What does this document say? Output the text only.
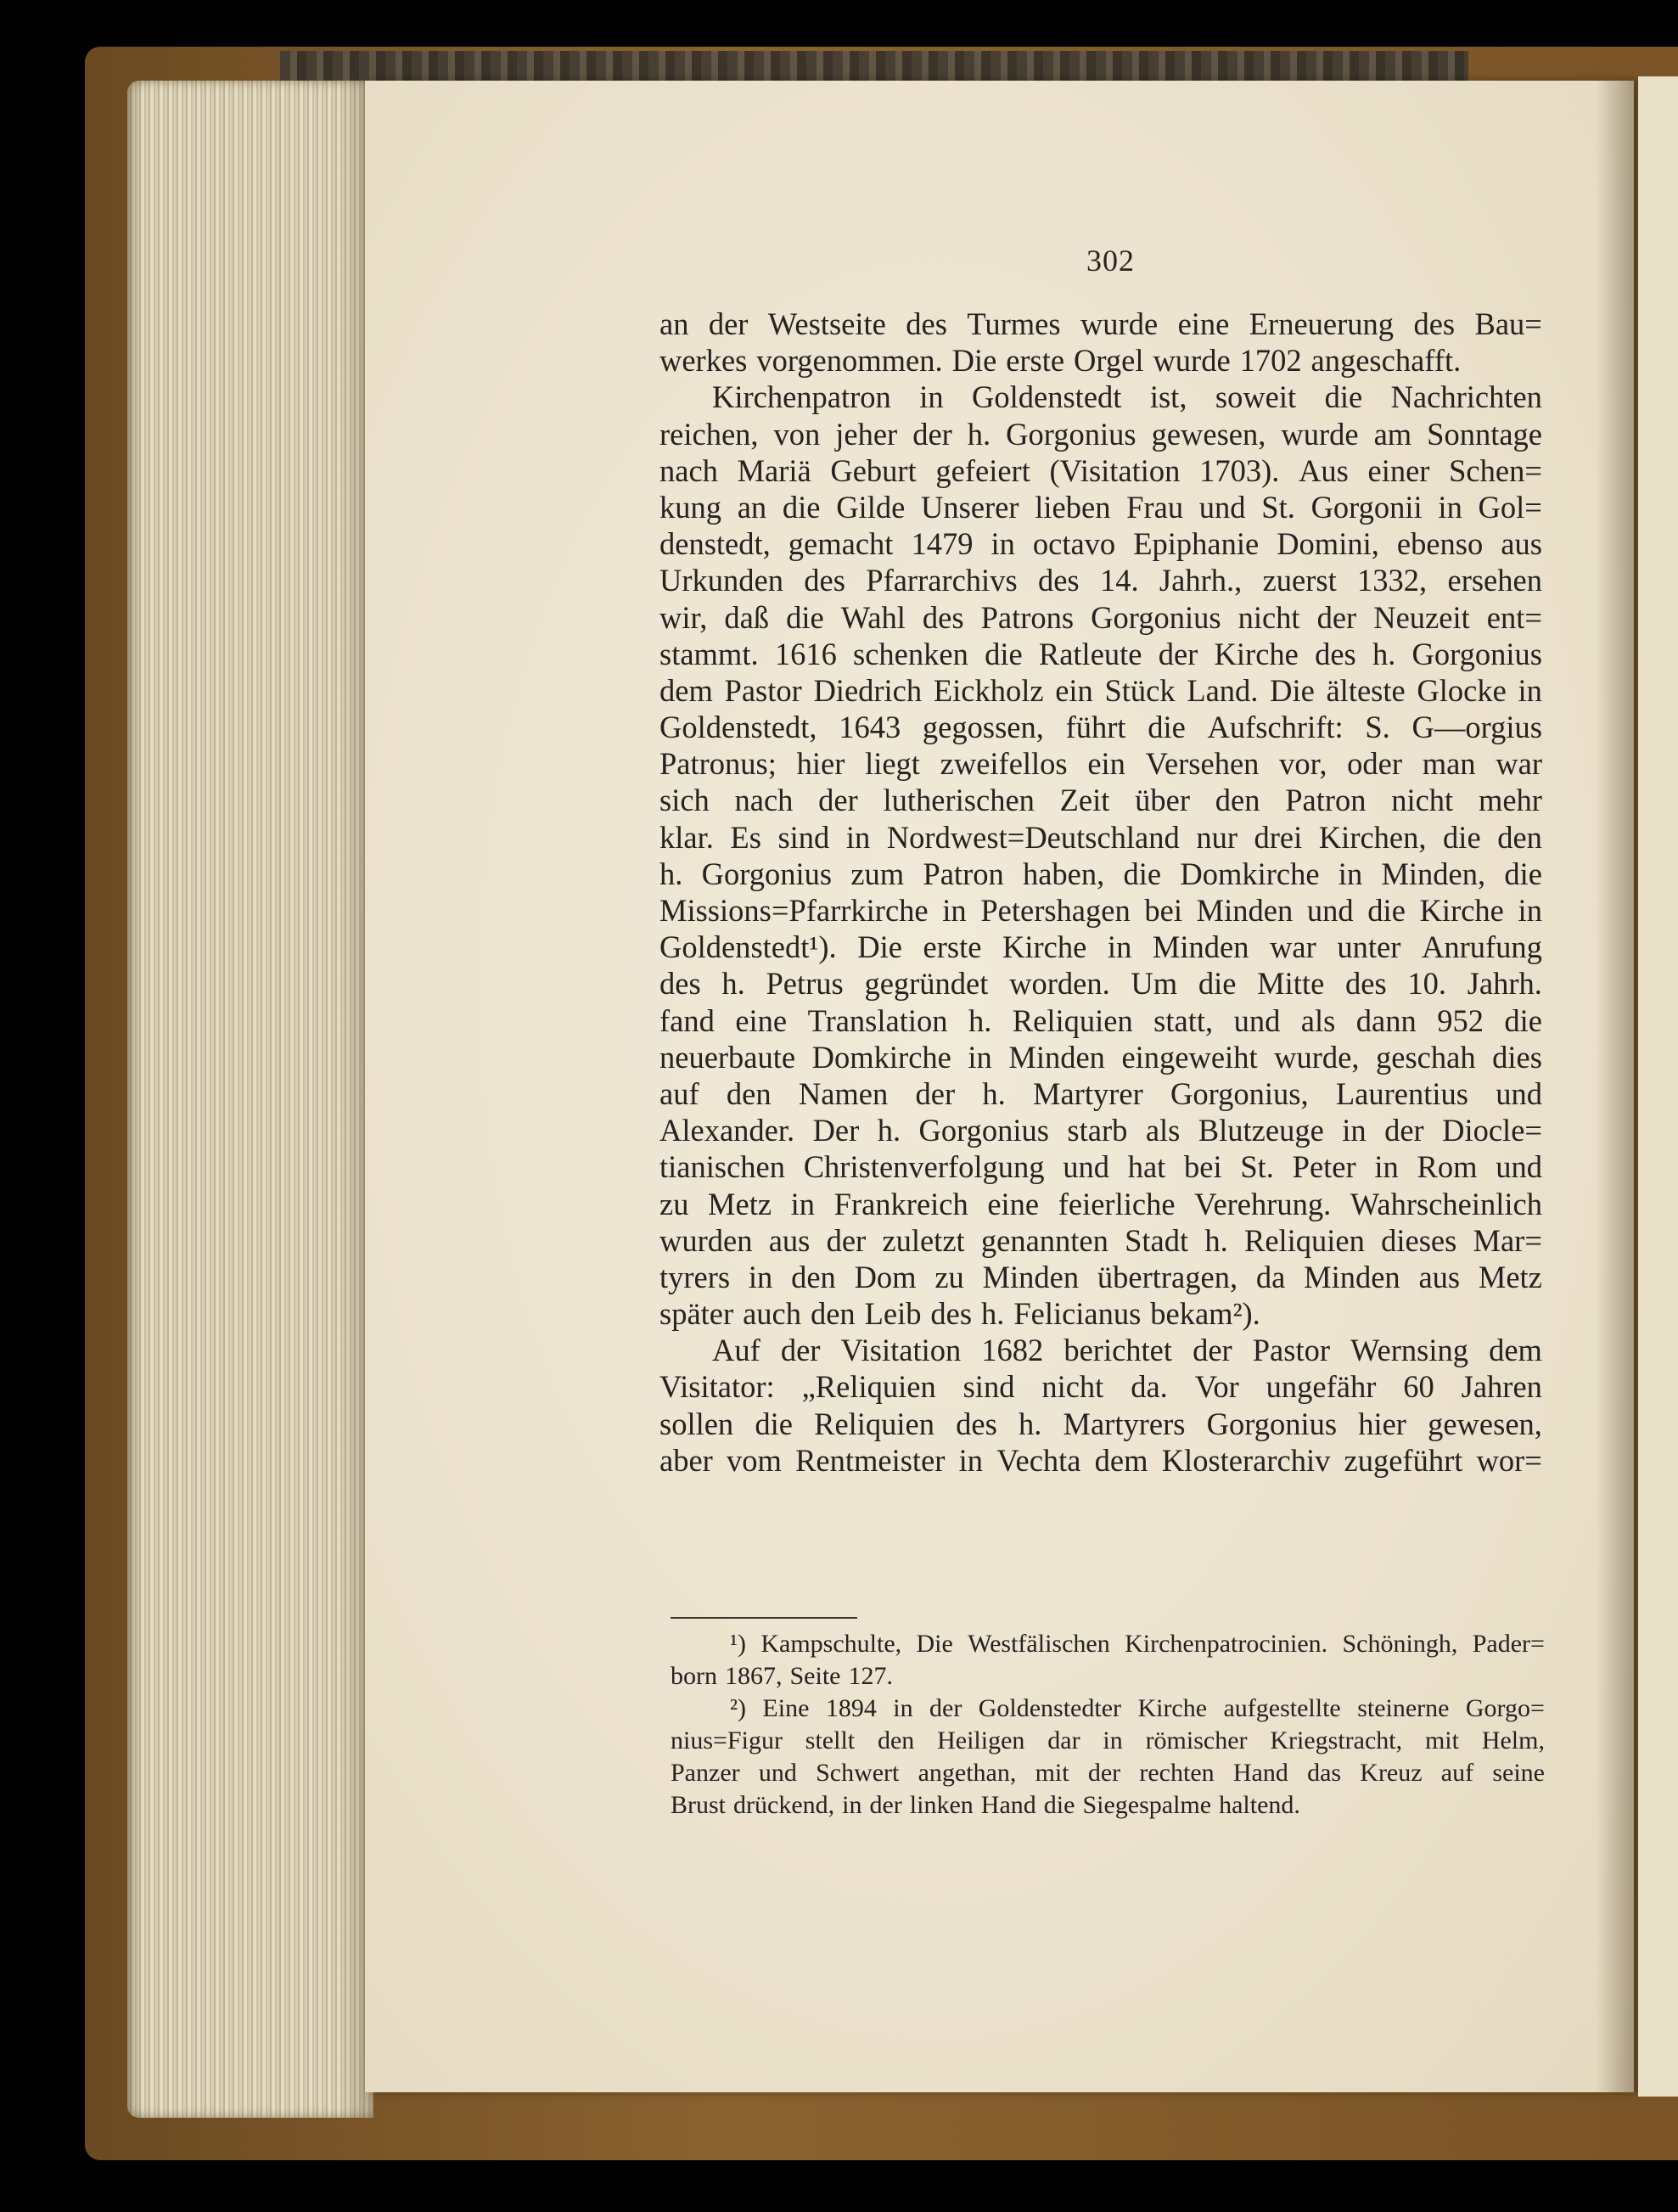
302
an der Westseite des Turmes wurde eine Erneuerung des Bau=
werkes vorgenommen. Die erste Orgel wurde 1702 angeschafft.
Kirchenpatron in Goldenstedt ist, soweit die Nachrichten
reichen, von jeher der h. Gorgonius gewesen, wurde am Sonntage
nach Mariä Geburt gefeiert (Visitation 1703). Aus einer Schen=
kung an die Gilde Unserer lieben Frau und St. Gorgonii in Gol=
denstedt, gemacht 1479 in octavo Epiphanie Domini, ebenso aus
Urkunden des Pfarrarchivs des 14. Jahrh., zuerst 1332, ersehen
wir, daß die Wahl des Patrons Gorgonius nicht der Neuzeit ent=
stammt. 1616 schenken die Ratleute der Kirche des h. Gorgonius
dem Pastor Diedrich Eickholz ein Stück Land. Die älteste Glocke in
Goldenstedt, 1643 gegossen, führt die Aufschrift: S. G—orgius
Patronus; hier liegt zweifellos ein Versehen vor, oder man war
sich nach der lutherischen Zeit über den Patron nicht mehr
klar. Es sind in Nordwest=Deutschland nur drei Kirchen, die den
h. Gorgonius zum Patron haben, die Domkirche in Minden, die
Missions=Pfarrkirche in Petershagen bei Minden und die Kirche in
Goldenstedt¹). Die erste Kirche in Minden war unter Anrufung
des h. Petrus gegründet worden. Um die Mitte des 10. Jahrh.
fand eine Translation h. Reliquien statt, und als dann 952 die
neuerbaute Domkirche in Minden eingeweiht wurde, geschah dies
auf den Namen der h. Martyrer Gorgonius, Laurentius und
Alexander. Der h. Gorgonius starb als Blutzeuge in der Diocle=
tianischen Christenverfolgung und hat bei St. Peter in Rom und
zu Metz in Frankreich eine feierliche Verehrung. Wahrscheinlich
wurden aus der zuletzt genannten Stadt h. Reliquien dieses Mar=
tyrers in den Dom zu Minden übertragen, da Minden aus Metz
später auch den Leib des h. Felicianus bekam²).
Auf der Visitation 1682 berichtet der Pastor Wernsing dem
Visitator: „Reliquien sind nicht da. Vor ungefähr 60 Jahren
sollen die Reliquien des h. Martyrers Gorgonius hier gewesen,
aber vom Rentmeister in Vechta dem Klosterarchiv zugeführt wor=
¹) Kampschulte, Die Westfälischen Kirchenpatrocinien. Schöningh, Pader=
born 1867, Seite 127.
²) Eine 1894 in der Goldenstedter Kirche aufgestellte steinerne Gorgo=
nius=Figur stellt den Heiligen dar in römischer Kriegstracht, mit Helm,
Panzer und Schwert angethan, mit der rechten Hand das Kreuz auf seine
Brust drückend, in der linken Hand die Siegespalme haltend.
